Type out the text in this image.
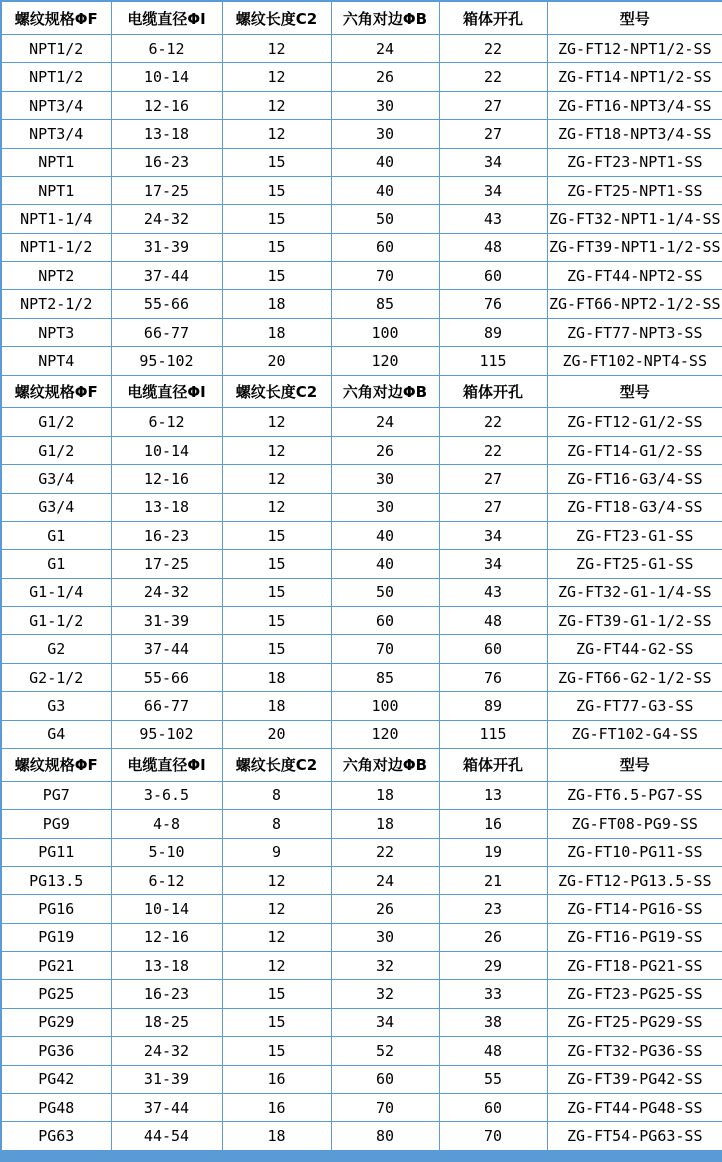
螺纹规格ΦF	电缆直径ΦI	螺纹长度C2	六角对边ΦB	箱体开孔	型号
NPT1/2	6-12	12	24	22	ZG-FT12-NPT1/2-SS
NPT1/2	10-14	12	26	22	ZG-FT14-NPT1/2-SS
NPT3/4	12-16	12	30	27	ZG-FT16-NPT3/4-SS
NPT3/4	13-18	12	30	27	ZG-FT18-NPT3/4-SS
NPT1	16-23	15	40	34	ZG-FT23-NPT1-SS
NPT1	17-25	15	40	34	ZG-FT25-NPT1-SS
NPT1-1/4	24-32	15	50	43	ZG-FT32-NPT1-1/4-SS
NPT1-1/2	31-39	15	60	48	ZG-FT39-NPT1-1/2-SS
NPT2	37-44	15	70	60	ZG-FT44-NPT2-SS
NPT2-1/2	55-66	18	85	76	ZG-FT66-NPT2-1/2-SS
NPT3	66-77	18	100	89	ZG-FT77-NPT3-SS
NPT4	95-102	20	120	115	ZG-FT102-NPT4-SS
螺纹规格ΦF	电缆直径ΦI	螺纹长度C2	六角对边ΦB	箱体开孔	型号
G1/2	6-12	12	24	22	ZG-FT12-G1/2-SS
G1/2	10-14	12	26	22	ZG-FT14-G1/2-SS
G3/4	12-16	12	30	27	ZG-FT16-G3/4-SS
G3/4	13-18	12	30	27	ZG-FT18-G3/4-SS
G1	16-23	15	40	34	ZG-FT23-G1-SS
G1	17-25	15	40	34	ZG-FT25-G1-SS
G1-1/4	24-32	15	50	43	ZG-FT32-G1-1/4-SS
G1-1/2	31-39	15	60	48	ZG-FT39-G1-1/2-SS
G2	37-44	15	70	60	ZG-FT44-G2-SS
G2-1/2	55-66	18	85	76	ZG-FT66-G2-1/2-SS
G3	66-77	18	100	89	ZG-FT77-G3-SS
G4	95-102	20	120	115	ZG-FT102-G4-SS
螺纹规格ΦF	电缆直径ΦI	螺纹长度C2	六角对边ΦB	箱体开孔	型号
PG7	3-6.5	8	18	13	ZG-FT6.5-PG7-SS
PG9	4-8	8	18	16	ZG-FT08-PG9-SS
PG11	5-10	9	22	19	ZG-FT10-PG11-SS
PG13.5	6-12	12	24	21	ZG-FT12-PG13.5-SS
PG16	10-14	12	26	23	ZG-FT14-PG16-SS
PG19	12-16	12	30	26	ZG-FT16-PG19-SS
PG21	13-18	12	32	29	ZG-FT18-PG21-SS
PG25	16-23	15	32	33	ZG-FT23-PG25-SS
PG29	18-25	15	34	38	ZG-FT25-PG29-SS
PG36	24-32	15	52	48	ZG-FT32-PG36-SS
PG42	31-39	16	60	55	ZG-FT39-PG42-SS
PG48	37-44	16	70	60	ZG-FT44-PG48-SS
PG63	44-54	18	80	70	ZG-FT54-PG63-SS
